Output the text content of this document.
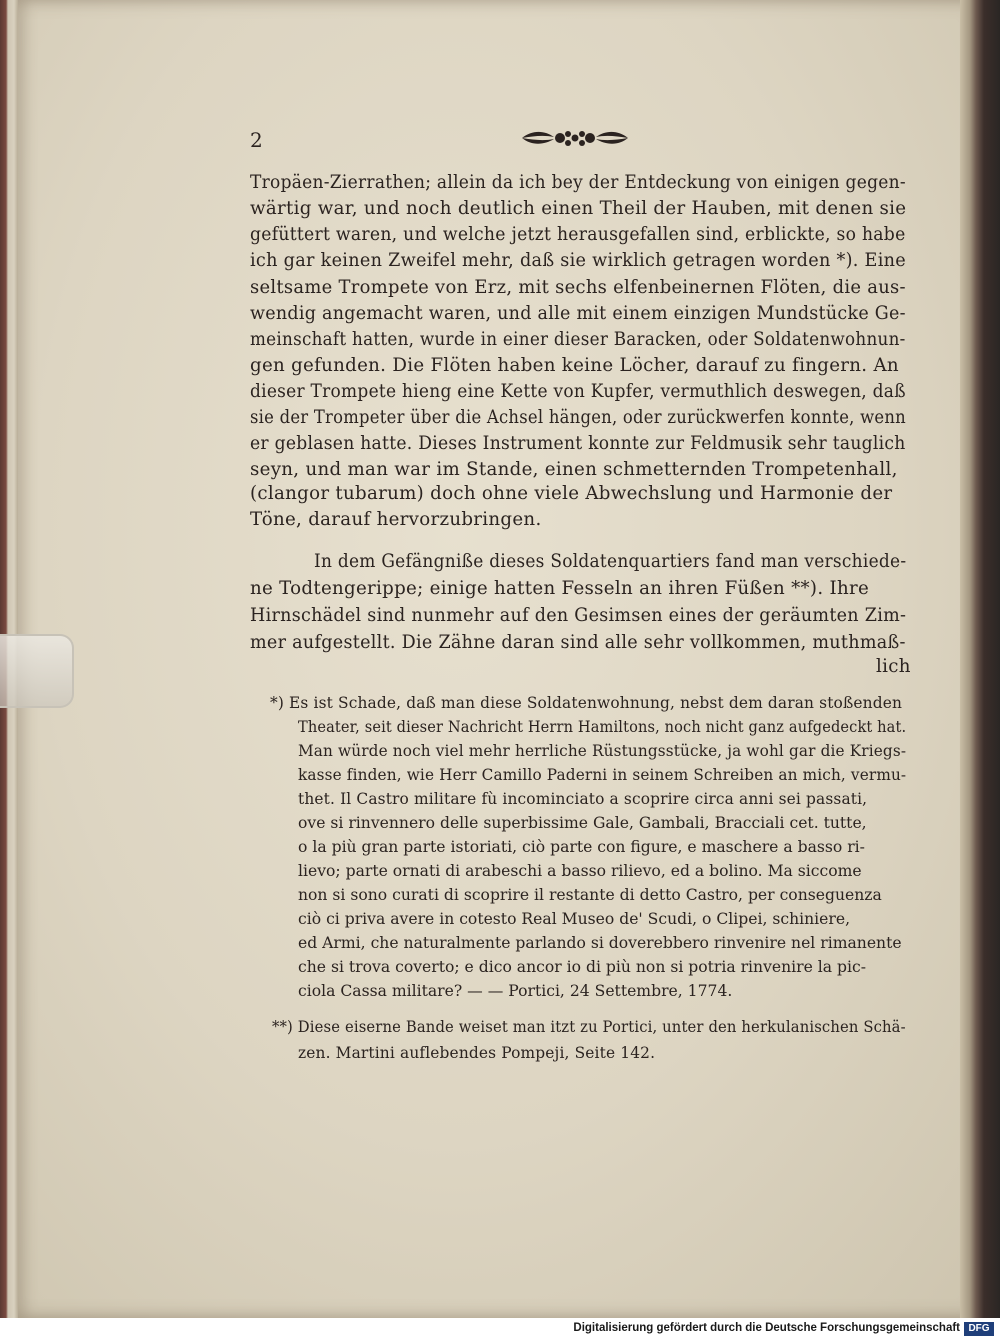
2
Tropäen-Zierrathen; allein da ich bey der Entdeckung von einigen gegen-
wärtig war, und noch deutlich einen Theil der Hauben, mit denen sie
gefüttert waren, und welche jetzt herausgefallen sind, erblickte, so habe
ich gar keinen Zweifel mehr, daß sie wirklich getragen worden *). Eine
seltsame Trompete von Erz, mit sechs elfenbeinernen Flöten, die aus-
wendig angemacht waren, und alle mit einem einzigen Mundstücke Ge-
meinschaft hatten, wurde in einer dieser Baracken, oder Soldatenwohnun-
gen gefunden. Die Flöten haben keine Löcher, darauf zu fingern. An
dieser Trompete hieng eine Kette von Kupfer, vermuthlich deswegen, daß
sie der Trompeter über die Achsel hängen, oder zurückwerfen konnte, wenn
er geblasen hatte. Dieses Instrument konnte zur Feldmusik sehr tauglich
seyn, und man war im Stande, einen schmetternden Trompetenhall,
(clangor tubarum) doch ohne viele Abwechslung und Harmonie der
Töne, darauf hervorzubringen.
In dem Gefängniße dieses Soldatenquartiers fand man verschiede-
ne Todtengerippe; einige hatten Fesseln an ihren Füßen **). Ihre
Hirnschädel sind nunmehr auf den Gesimsen eines der geräumten Zim-
mer aufgestellt. Die Zähne daran sind alle sehr vollkommen, muthmaß-
lich
*) Es ist Schade, daß man diese Soldatenwohnung, nebst dem daran stoßenden
Theater, seit dieser Nachricht Herrn Hamiltons, noch nicht ganz aufgedeckt hat.
Man würde noch viel mehr herrliche Rüstungsstücke, ja wohl gar die Kriegs-
kasse finden, wie Herr Camillo Paderni in seinem Schreiben an mich, vermu-
thet. Il Castro militare fù incominciato a scoprire circa anni sei passati,
ove si rinvennero delle superbissime Gale, Gambali, Bracciali cet. tutte,
o la più gran parte istoriati, ciò parte con figure, e maschere a basso ri-
lievo; parte ornati di arabeschi a basso rilievo, ed a bolino. Ma siccome
non si sono curati di scoprire il restante di detto Castro, per conseguenza
ciò ci priva avere in cotesto Real Museo de' Scudi, o Clipei, schiniere,
ed Armi, che naturalmente parlando si doverebbero rinvenire nel rimanente
che si trova coverto; e dico ancor io di più non si potria rinvenire la pic-
ciola Cassa militare? — — Portici, 24 Settembre, 1774.
**) Diese eiserne Bande weiset man itzt zu Portici, unter den herkulanischen Schä-
zen. Martini auflebendes Pompeji, Seite 142.
Digitalisierung gefördert durch die Deutsche Forschungsgemeinschaft DFG
